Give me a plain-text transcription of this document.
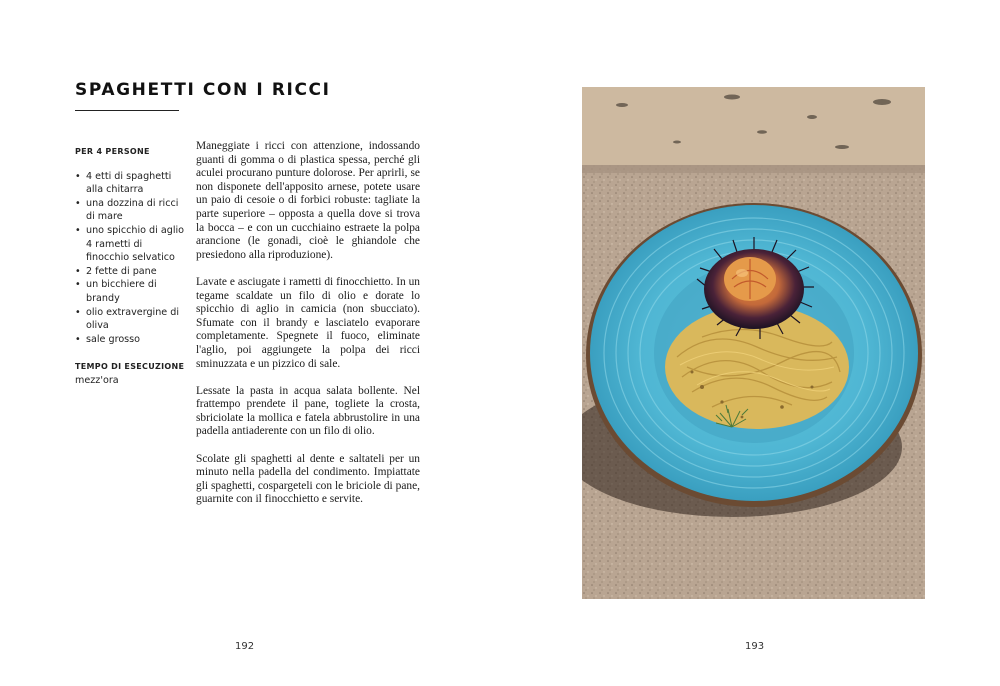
SPAGHETTI CON I RICCI

PER 4 PERSONE

• 4 etti di spaghetti alla chitarra
• una dozzina di ricci di mare
• uno spicchio di aglio 4 rametti di finocchio selvatico
• 2 fette di pane
• un bicchiere di brandy
• olio extravergine di oliva
• sale grosso

TEMPO DI ESECUZIONE

mezz'ora

Maneggiate i ricci con attenzione, indossando guanti di gomma o di plastica spessa, perché gli aculei procurano punture dolorose. Per aprirli, se non disponete dell'apposito arnese, potete usare un paio di cesoie o di forbici robuste: tagliate la parte superiore – opposta a quella dove si trova la bocca – e con un cucchiaino estraete la polpa arancione (le gonadi, cioè le ghiandole che presiedono alla riproduzione).

Lavate e asciugate i rametti di finocchietto. In un tegame scaldate un filo di olio e dorate lo spicchio di aglio in camicia (non sbucciato). Sfumate con il brandy e lasciatelo evaporare completamente. Spegnete il fuoco, eliminate l'aglio, poi aggiungete la polpa dei ricci sminuzzata e un pizzico di sale.

Lessate la pasta in acqua salata bollente. Nel frattempo prendete il pane, togliete la crosta, sbriciolate la mollica e fatela abbrustolire in una padella antiaderente con un filo di olio.

Scolate gli spaghetti al dente e saltateli per un minuto nella padella del condimento. Impiattate gli spaghetti, cospargeteli con le briciole di pane, guarnite con il finocchietto e servite.

192	193
